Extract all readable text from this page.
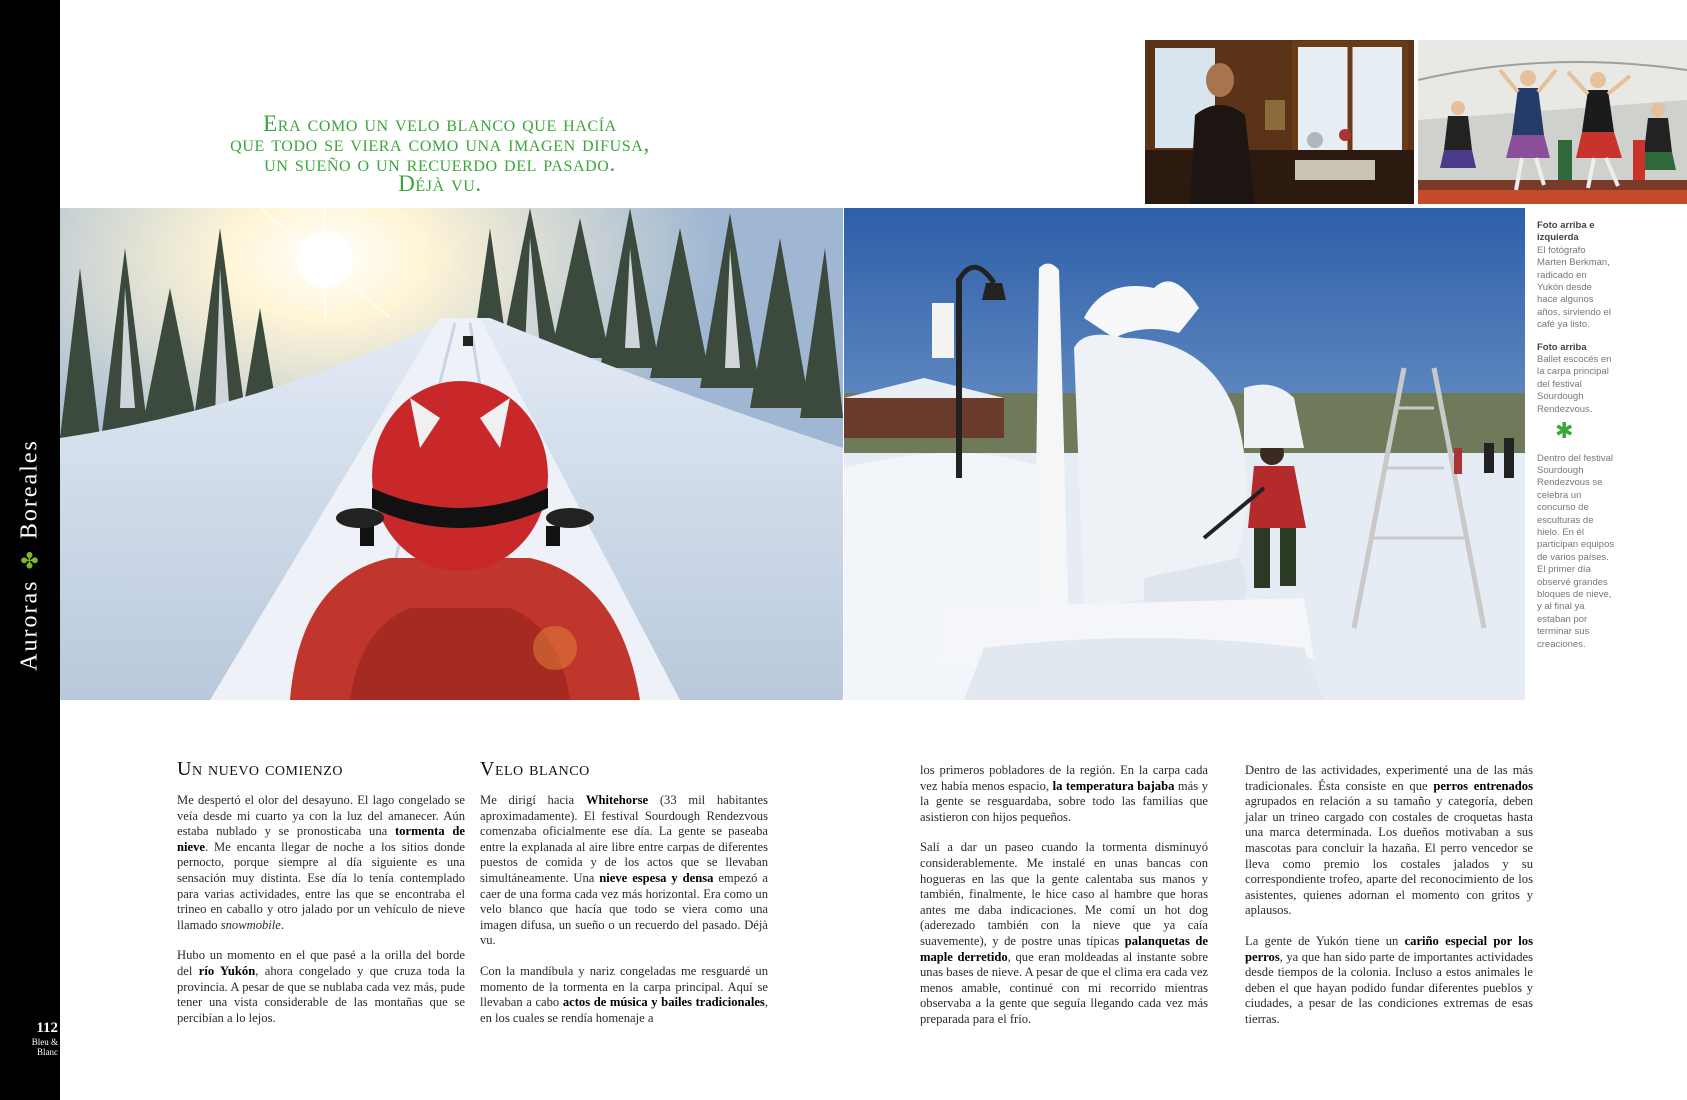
Auroras
✤
Boreales
112
Bleu &
Blanc
Era como un velo blanco que hacía
que todo se viera como una imagen difusa,
un sueño o un recuerdo del pasado.
Déjà vu.
Foto arriba e izquierda
El fotógrafo Marten Berkman, radicado en Yukón desde hace algunos años, sirviendo el café ya listo.
Foto arriba
Ballet escocés en la carpa principal del festival Sourdough Rendezvous.
✱
Dentro del festival Sourdough Rendezvous se celebra un concurso de esculturas de hielo. En él participan equipos de varios países. El primer día observé grandes bloques de nieve, y al final ya estaban por terminar sus creaciones.
Un nuevo comienzo

Me despertó el olor del desayuno. El lago congelado se veía desde mi cuarto ya con la luz del amanecer. Aún estaba nublado y se pronosticaba una tormenta de nieve. Me encanta llegar de noche a los sitios donde pernocto, porque siempre al día siguiente es una sensación muy distinta. Ese día lo tenía contemplado para varias actividades, entre las que se encontraba el trineo en caballo y otro jalado por un vehículo de nieve llamado snowmobile.

Hubo un momento en el que pasé a la orilla del borde del río Yukón, ahora congelado y que cruza toda la provincia. A pesar de que se nublaba cada vez más, pude tener una vista considerable de las montañas que se percibían a lo lejos.

Velo blanco

Me dirigí hacia Whitehorse (33 mil habitantes aproximadamente). El festival Sourdough Rendezvous comenzaba oficialmente ese día. La gente se paseaba entre la explanada al aire libre entre carpas de diferentes puestos de comida y de los actos que se llevaban simultáneamente. Una nieve espesa y densa empezó a caer de una forma cada vez más horizontal. Era como un velo blanco que hacía que todo se viera como una imagen difusa, un sueño o un recuerdo del pasado. Déjà vu.

Con la mandíbula y nariz congeladas me resguardé un momento de la tormenta en la carpa principal. Aquí se llevaban a cabo actos de música y bailes tradicionales, en los cuales se rendía homenaje a

los primeros pobladores de la región. En la carpa cada vez había menos espacio, la temperatura bajaba más y la gente se resguardaba, sobre todo las familias que asistieron con hijos pequeños.

Salí a dar un paseo cuando la tormenta disminuyó considerablemente. Me instalé en unas bancas con hogueras en las que la gente calentaba sus manos y también, finalmente, le hice caso al hambre que horas antes me daba indicaciones. Me comí un hot dog (aderezado también con la nieve que ya caía suavemente), y de postre unas típicas palanquetas de maple derretido, que eran moldeadas al instante sobre unas bases de nieve. A pesar de que el clima era cada vez menos amable, continué con mi recorrido mientras observaba a la gente que seguía llegando cada vez más preparada para el frío.

Dentro de las actividades, experimenté una de las más tradicionales. Ésta consiste en que perros entrenados agrupados en relación a su tamaño y categoría, deben jalar un trineo cargado con costales de croquetas hasta una marca determinada. Los dueños motivaban a sus mascotas para concluir la hazaña. El perro vencedor se lleva como premio los costales jalados y su correspondiente trofeo, aparte del reconocimiento de los asistentes, quienes adornan el momento con gritos y aplausos.

La gente de Yukón tiene un cariño especial por los perros, ya que han sido parte de importantes actividades desde tiempos de la colonia. Incluso a estos animales le deben el que hayan podido fundar diferentes pueblos y ciudades, a pesar de las condiciones extremas de esas tierras.
